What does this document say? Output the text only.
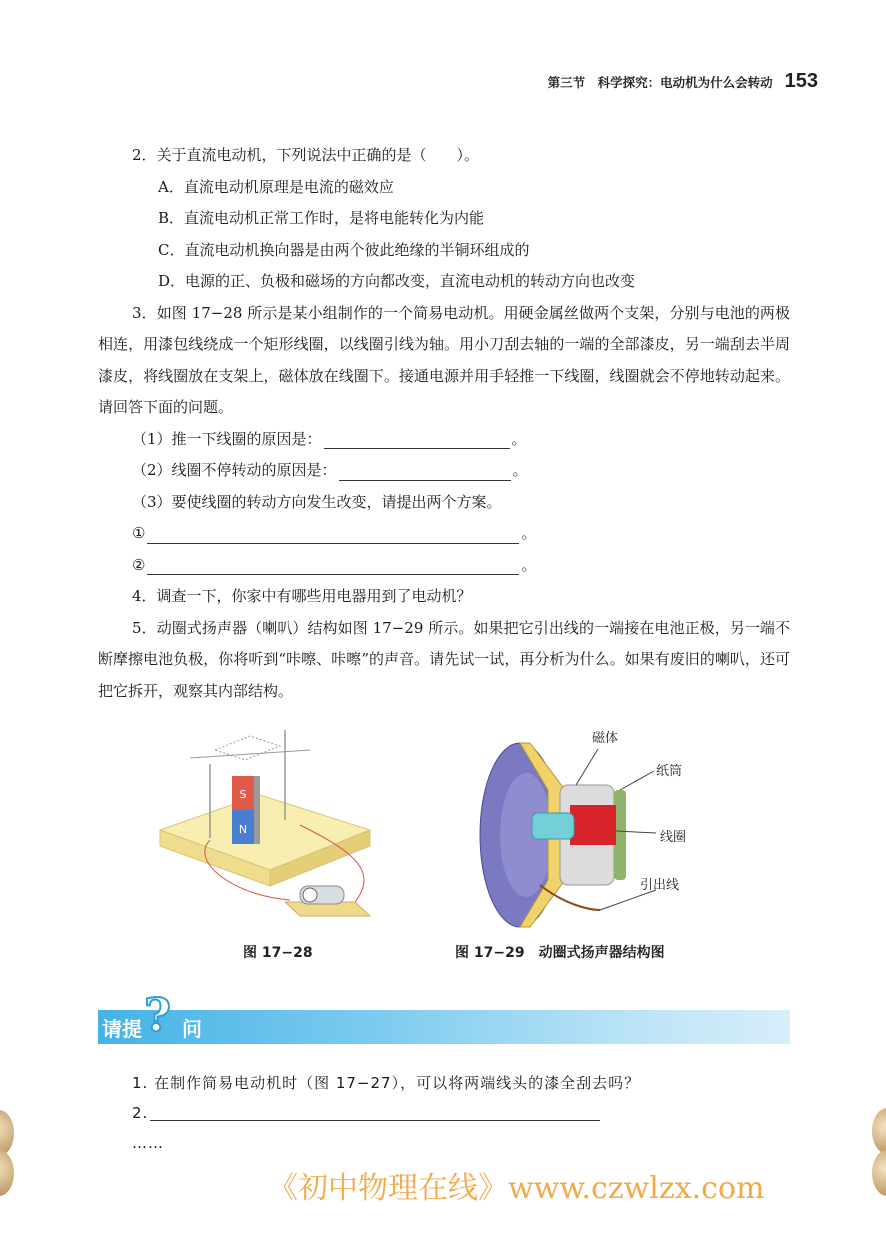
第三节　科学探究：电动机为什么会转动 153
2．关于直流电动机，下列说法中正确的是（　　）。
A．直流电动机原理是电流的磁效应
B．直流电动机正常工作时，是将电能转化为内能
C．直流电动机换向器是由两个彼此绝缘的半铜环组成的
D．电源的正、负极和磁场的方向都改变，直流电动机的转动方向也改变
3．如图 17−28 所示是某小组制作的一个简易电动机。用硬金属丝做两个支架，分别与电池的两极相连，用漆包线绕成一个矩形线圈，以线圈引线为轴。用小刀刮去轴的一端的全部漆皮，另一端刮去半周漆皮，将线圈放在支架上，磁体放在线圈下。接通电源并用手轻推一下线圈，线圈就会不停地转动起来。请回答下面的问题。
（1）推一下线圈的原因是：	。
（2）线圈不停转动的原因是：	。
（3）要使线圈的转动方向发生改变，请提出两个方案。
①	。
②	。
4．调查一下，你家中有哪些用电器用到了电动机？
5．动圈式扬声器（喇叭）结构如图 17−29 所示。如果把它引出线的一端接在电池正极，另一端不断摩擦电池负极，你将听到“咔嚓、咔嚓”的声音。请先试一试，再分析为什么。如果有废旧的喇叭，还可把它拆开，观察其内部结构。
S
N
图 17−28
磁体
纸筒
线圈
引出线
图 17−29　动圈式扬声器结构图
请提 ? 问
1. 在制作简易电动机时（图 17−27），可以将两端线头的漆全刮去吗？
2.
……
《初中物理在线》www.czwlzx.com
